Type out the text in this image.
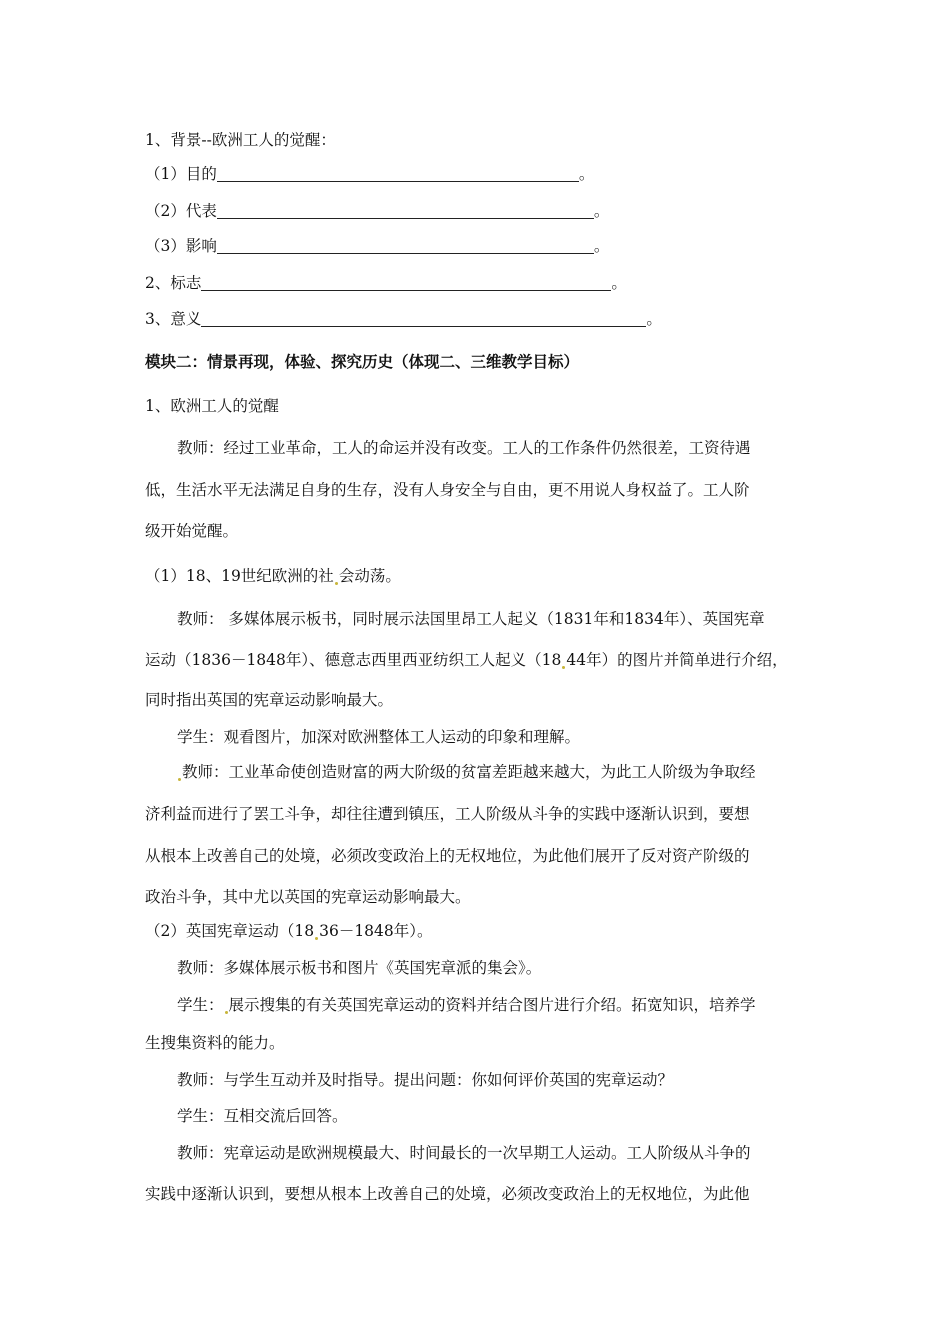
1、背景--欧洲工人的觉醒：
（1）目的	。
（2）代表	。
（3）影响	。
2、标志	。
3、意义	。
模块二：情景再现，体验、探究历史（体现二、三维教学目标）
1、欧洲工人的觉醒
教师：经过工业革命，工人的命运并没有改变。工人的工作条件仍然很差，工资待遇
低，生活水平无法满足自身的生存，没有人身安全与自由，更不用说人身权益了。工人阶
级开始觉醒。
（1）18、19世纪欧洲的社 会动荡。
教师： 多媒体展示板书，同时展示法国里昂工人起义（1831年和1834年）、英国宪章
运动（1836－1848年）、德意志西里西亚纺织工人起义（18 44年）的图片并简单进行介绍，
同时指出英国的宪章运动影响最大。
学生：观看图片，加深对欧洲整体工人运动的印象和理解。
教师：工业革命使创造财富的两大阶级的贫富差距越来越大，为此工人阶级为争取经
济利益而进行了罢工斗争，却往往遭到镇压，工人阶级从斗争的实践中逐渐认识到，要想
从根本上改善自己的处境，必须改变政治上的无权地位，为此他们展开了反对资产阶级的
政治斗争，其中尤以英国的宪章运动影响最大。
（2）英国宪章运动（18 36－1848年）。
教师：多媒体展示板书和图片《英国宪章派的集会》。
学生： 展示搜集的有关英国宪章运动的资料并结合图片进行介绍。拓宽知识，培养学
生搜集资料的能力。
教师：与学生互动并及时指导。提出问题：你如何评价英国的宪章运动？
学生：互相交流后回答。
教师：宪章运动是欧洲规模最大、时间最长的一次早期工人运动。工人阶级从斗争的
实践中逐渐认识到，要想从根本上改善自己的处境，必须改变政治上的无权地位，为此他
